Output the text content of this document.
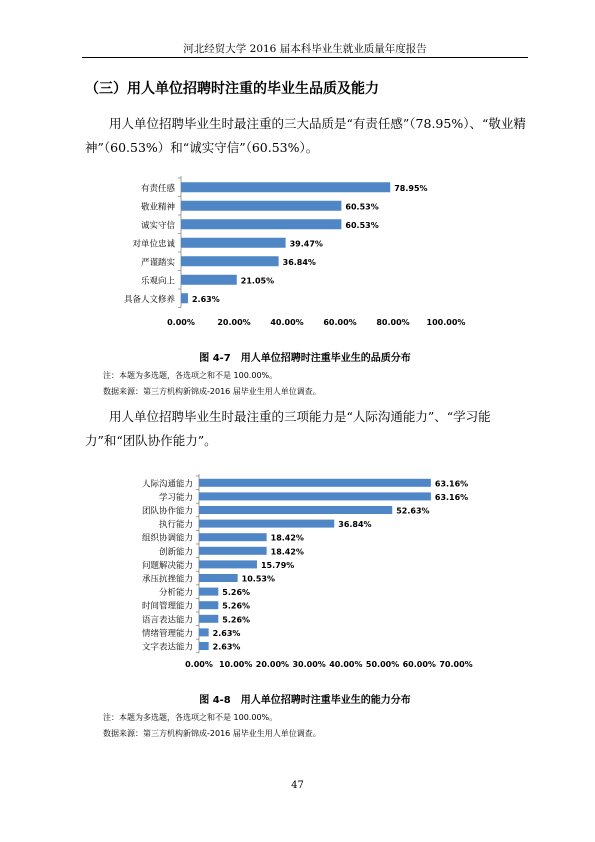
河北经贸大学 2016 届本科毕业生就业质量年度报告
（三）用人单位招聘时注重的毕业生品质及能力
用人单位招聘毕业生时最注重的三大品质是“有责任感”（78.95%）、“敬业精神”（60.53%）和“诚实守信”（60.53%）。
有责任感	78.95%
敬业精神	60.53%
诚实守信	60.53%
对单位忠诚	39.47%
严谨踏实	36.84%
乐观向上	21.05%
具备人文修养 2.63%
0.00%	20.00% 40.00% 60.00% 80.00% 100.00%
图 4-7　用人单位招聘时注重毕业生的品质分布
注：本题为多选题，各选项之和不是 100.00%。
数据来源：第三方机构新锦成-2016 届毕业生用人单位调查。
用人单位招聘毕业生时最注重的三项能力是“人际沟通能力”、“学习能力”和“团队协作能力”。
人际沟通能力	63.16%
学习能力	63.16%
团队协作能力	52.63%
执行能力	36.84%
组织协调能力	18.42%
创新能力	18.42%
问题解决能力	15.79%
承压抗挫能力	10.53%
分析能力	5.26%
时间管理能力	5.26%
语言表达能力	5.26%
情绪管理能力 2.63%
文字表达能力 2.63%
0.00% 10.00% 20.00% 30.00% 40.00% 50.00% 60.00% 70.00%
图 4-8　用人单位招聘时注重毕业生的能力分布
注：本题为多选题，各选项之和不是 100.00%。
数据来源：第三方机构新锦成-2016 届毕业生用人单位调查。
47
